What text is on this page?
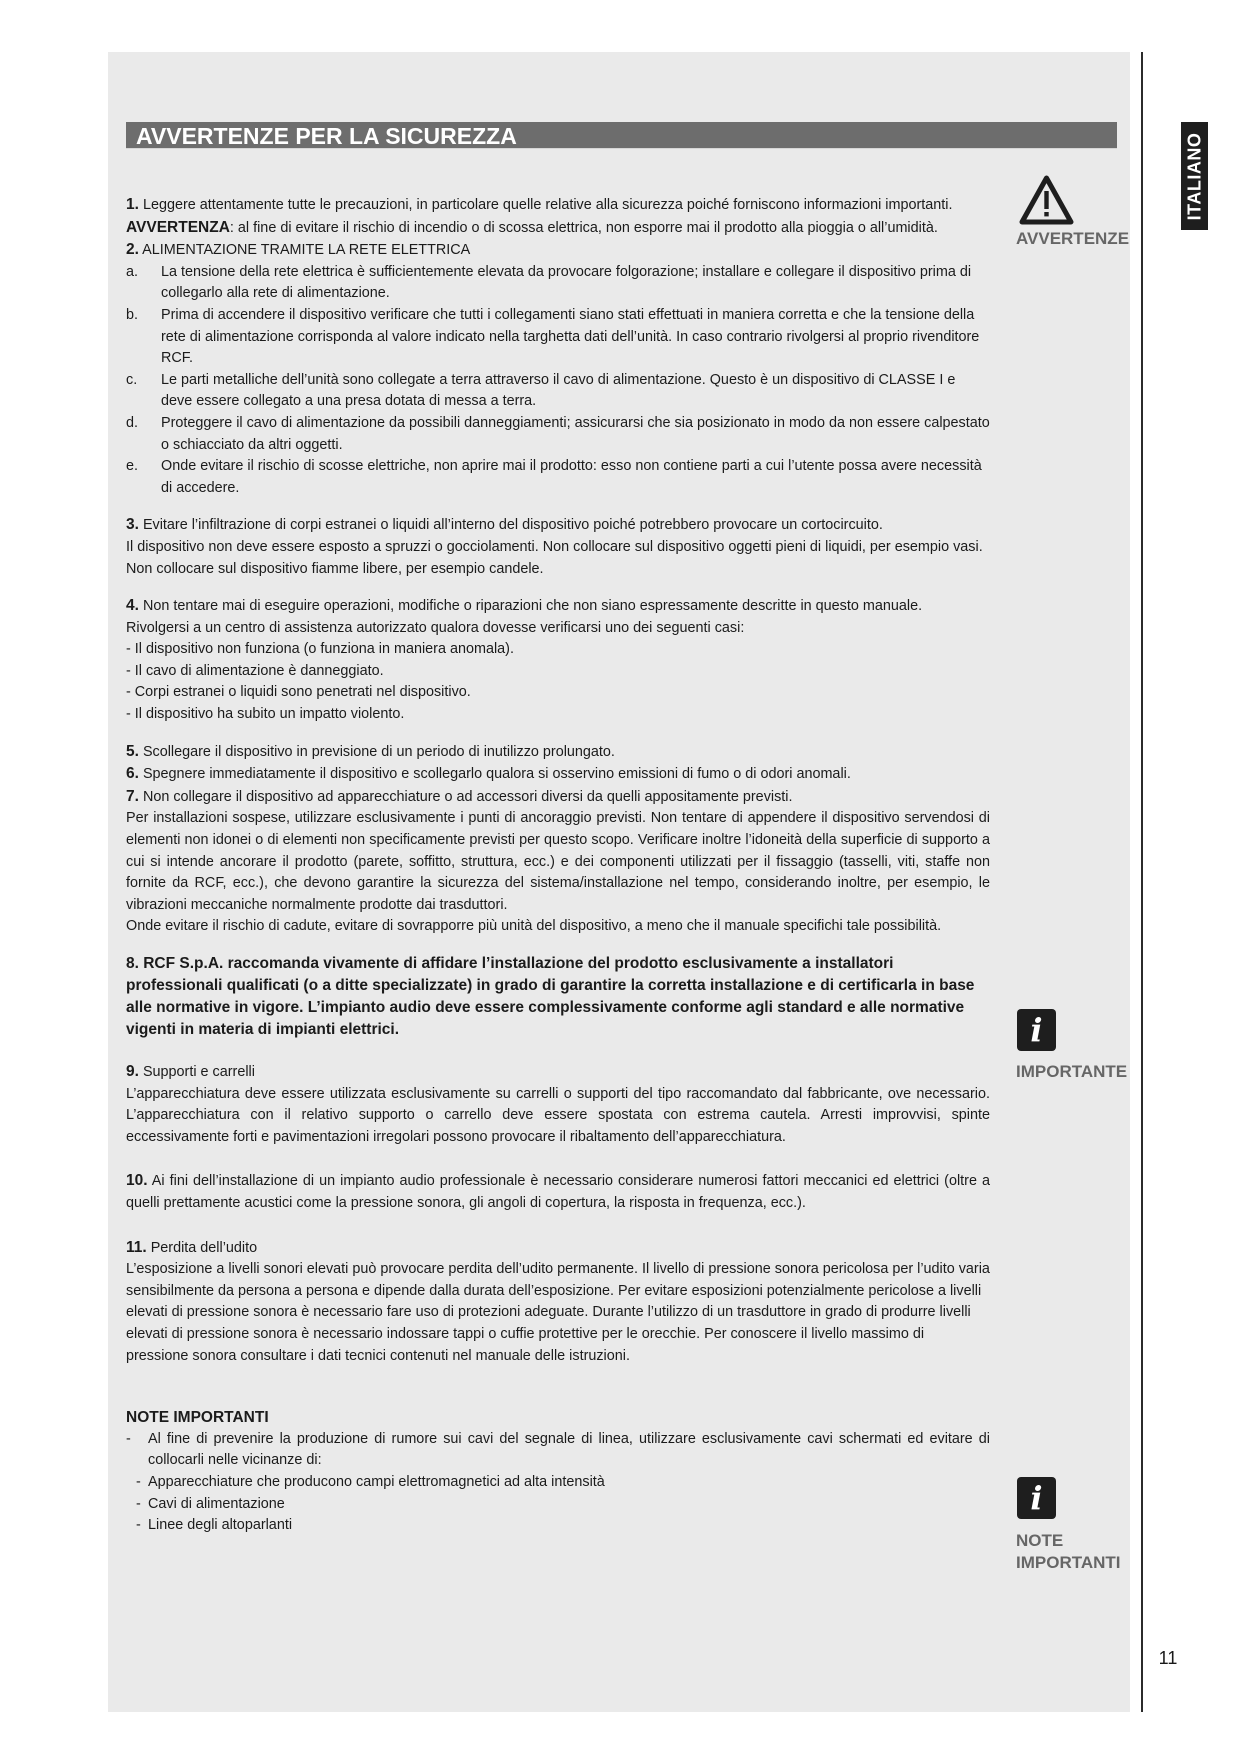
ITALIANO
AVVERTENZE PER LA SICUREZZA
AVVERTENZE
i
IMPORTANTE
i
NOTE
IMPORTANTI
11

1. Leggere attentamente tutte le precauzioni, in particolare quelle relative alla sicurezza poiché forniscono informazioni importanti.

AVVERTENZA: al fine di evitare il rischio di incendio o di scossa elettrica, non esporre mai il prodotto alla pioggia o all’umidità.

2. ALIMENTAZIONE TRAMITE LA RETE ELETTRICA

a.	La tensione della rete elettrica è sufficientemente elevata da provocare folgorazione; installare e collegare il dispositivo prima di collegarlo alla rete di alimentazione.
b.	Prima di accendere il dispositivo verificare che tutti i collegamenti siano stati effettuati in maniera corretta e che la tensione della rete di alimentazione corrisponda al valore indicato nella targhetta dati dell’unità. In caso contrario rivolgersi al proprio rivenditore RCF.
c.	Le parti metalliche dell’unità sono collegate a terra attraverso il cavo di alimentazione. Questo è un dispositivo di CLASSE I e deve essere collegato a una presa dotata di messa a terra.
d.	Proteggere il cavo di alimentazione da possibili danneggiamenti; assicurarsi che sia posizionato in modo da non essere calpestato o schiacciato da altri oggetti.
e.	Onde evitare il rischio di scosse elettriche, non aprire mai il prodotto: esso non contiene parti a cui l’utente possa avere necessità di accedere.

3. Evitare l’infiltrazione di corpi estranei o liquidi all’interno del dispositivo poiché potrebbero provocare un cortocircuito.

Il dispositivo non deve essere esposto a spruzzi o gocciolamenti. Non collocare sul dispositivo oggetti pieni di liquidi, per esempio vasi.

Non collocare sul dispositivo fiamme libere, per esempio candele.

4. Non tentare mai di eseguire operazioni, modifiche o riparazioni che non siano espressamente descritte in questo manuale.

Rivolgersi a un centro di assistenza autorizzato qualora dovesse verificarsi uno dei seguenti casi:

- Il dispositivo non funziona (o funziona in maniera anomala).

- Il cavo di alimentazione è danneggiato.

- Corpi estranei o liquidi sono penetrati nel dispositivo.

- Il dispositivo ha subito un impatto violento.

5. Scollegare il dispositivo in previsione di un periodo di inutilizzo prolungato.

6. Spegnere immediatamente il dispositivo e scollegarlo qualora si osservino emissioni di fumo o di odori anomali.

7. Non collegare il dispositivo ad apparecchiature o ad accessori diversi da quelli appositamente previsti.

Per installazioni sospese, utilizzare esclusivamente i punti di ancoraggio previsti. Non tentare di appendere il dispositivo servendosi di elementi non idonei o di elementi non specificamente previsti per questo scopo. Verificare inoltre l’idoneità della superficie di supporto a cui si intende ancorare il prodotto (parete, soffitto, struttura, ecc.) e dei componenti utilizzati per il fissaggio (tasselli, viti, staffe non fornite da RCF, ecc.), che devono garantire la sicurezza del sistema/installazione nel tempo, considerando inoltre, per esempio, le vibrazioni meccaniche normalmente prodotte dai trasduttori.

Onde evitare il rischio di cadute, evitare di sovrapporre più unità del dispositivo, a meno che il manuale specifichi tale possibilità.

8. RCF S.p.A. raccomanda vivamente di affidare l’installazione del prodotto esclusivamente a installatori professionali qualificati (o a ditte specializzate) in grado di garantire la corretta installazione e di certificarla in base alle normative in vigore. L’impianto audio deve essere complessivamente conforme agli standard e alle normative vigenti in materia di impianti elettrici.

9. Supporti e carrelli

L’apparecchiatura deve essere utilizzata esclusivamente su carrelli o supporti del tipo raccomandato dal fabbricante, ove necessario. L’apparecchiatura con il relativo supporto o carrello deve essere spostata con estrema cautela. Arresti improvvisi, spinte eccessivamente forti e pavimentazioni irregolari possono provocare il ribaltamento dell’apparecchiatura.

10. Ai fini dell’installazione di un impianto audio professionale è necessario considerare numerosi fattori meccanici ed elettrici (oltre a quelli prettamente acustici come la pressione sonora, gli angoli di copertura, la risposta in frequenza, ecc.).

11. Perdita dell’udito

L’esposizione a livelli sonori elevati può provocare perdita dell’udito permanente. Il livello di pressione sonora pericolosa per l’udito varia sensibilmente da persona a persona e dipende dalla durata dell’esposizione. Per evitare esposizioni potenzialmente pericolose a livelli elevati di pressione sonora è necessario fare uso di protezioni adeguate. Durante l’utilizzo di un trasduttore in grado di produrre livelli elevati di pressione sonora è necessario indossare tappi o cuffie protettive per le orecchie. Per conoscere il livello massimo di pressione sonora consultare i dati tecnici contenuti nel manuale delle istruzioni.

NOTE IMPORTANTI

-	Al fine di prevenire la produzione di rumore sui cavi del segnale di linea, utilizzare esclusivamente cavi schermati ed evitare di collocarli nelle vicinanze di:
- Apparecchiature che producono campi elettromagnetici ad alta intensità
- Cavi di alimentazione
- Linee degli altoparlanti
